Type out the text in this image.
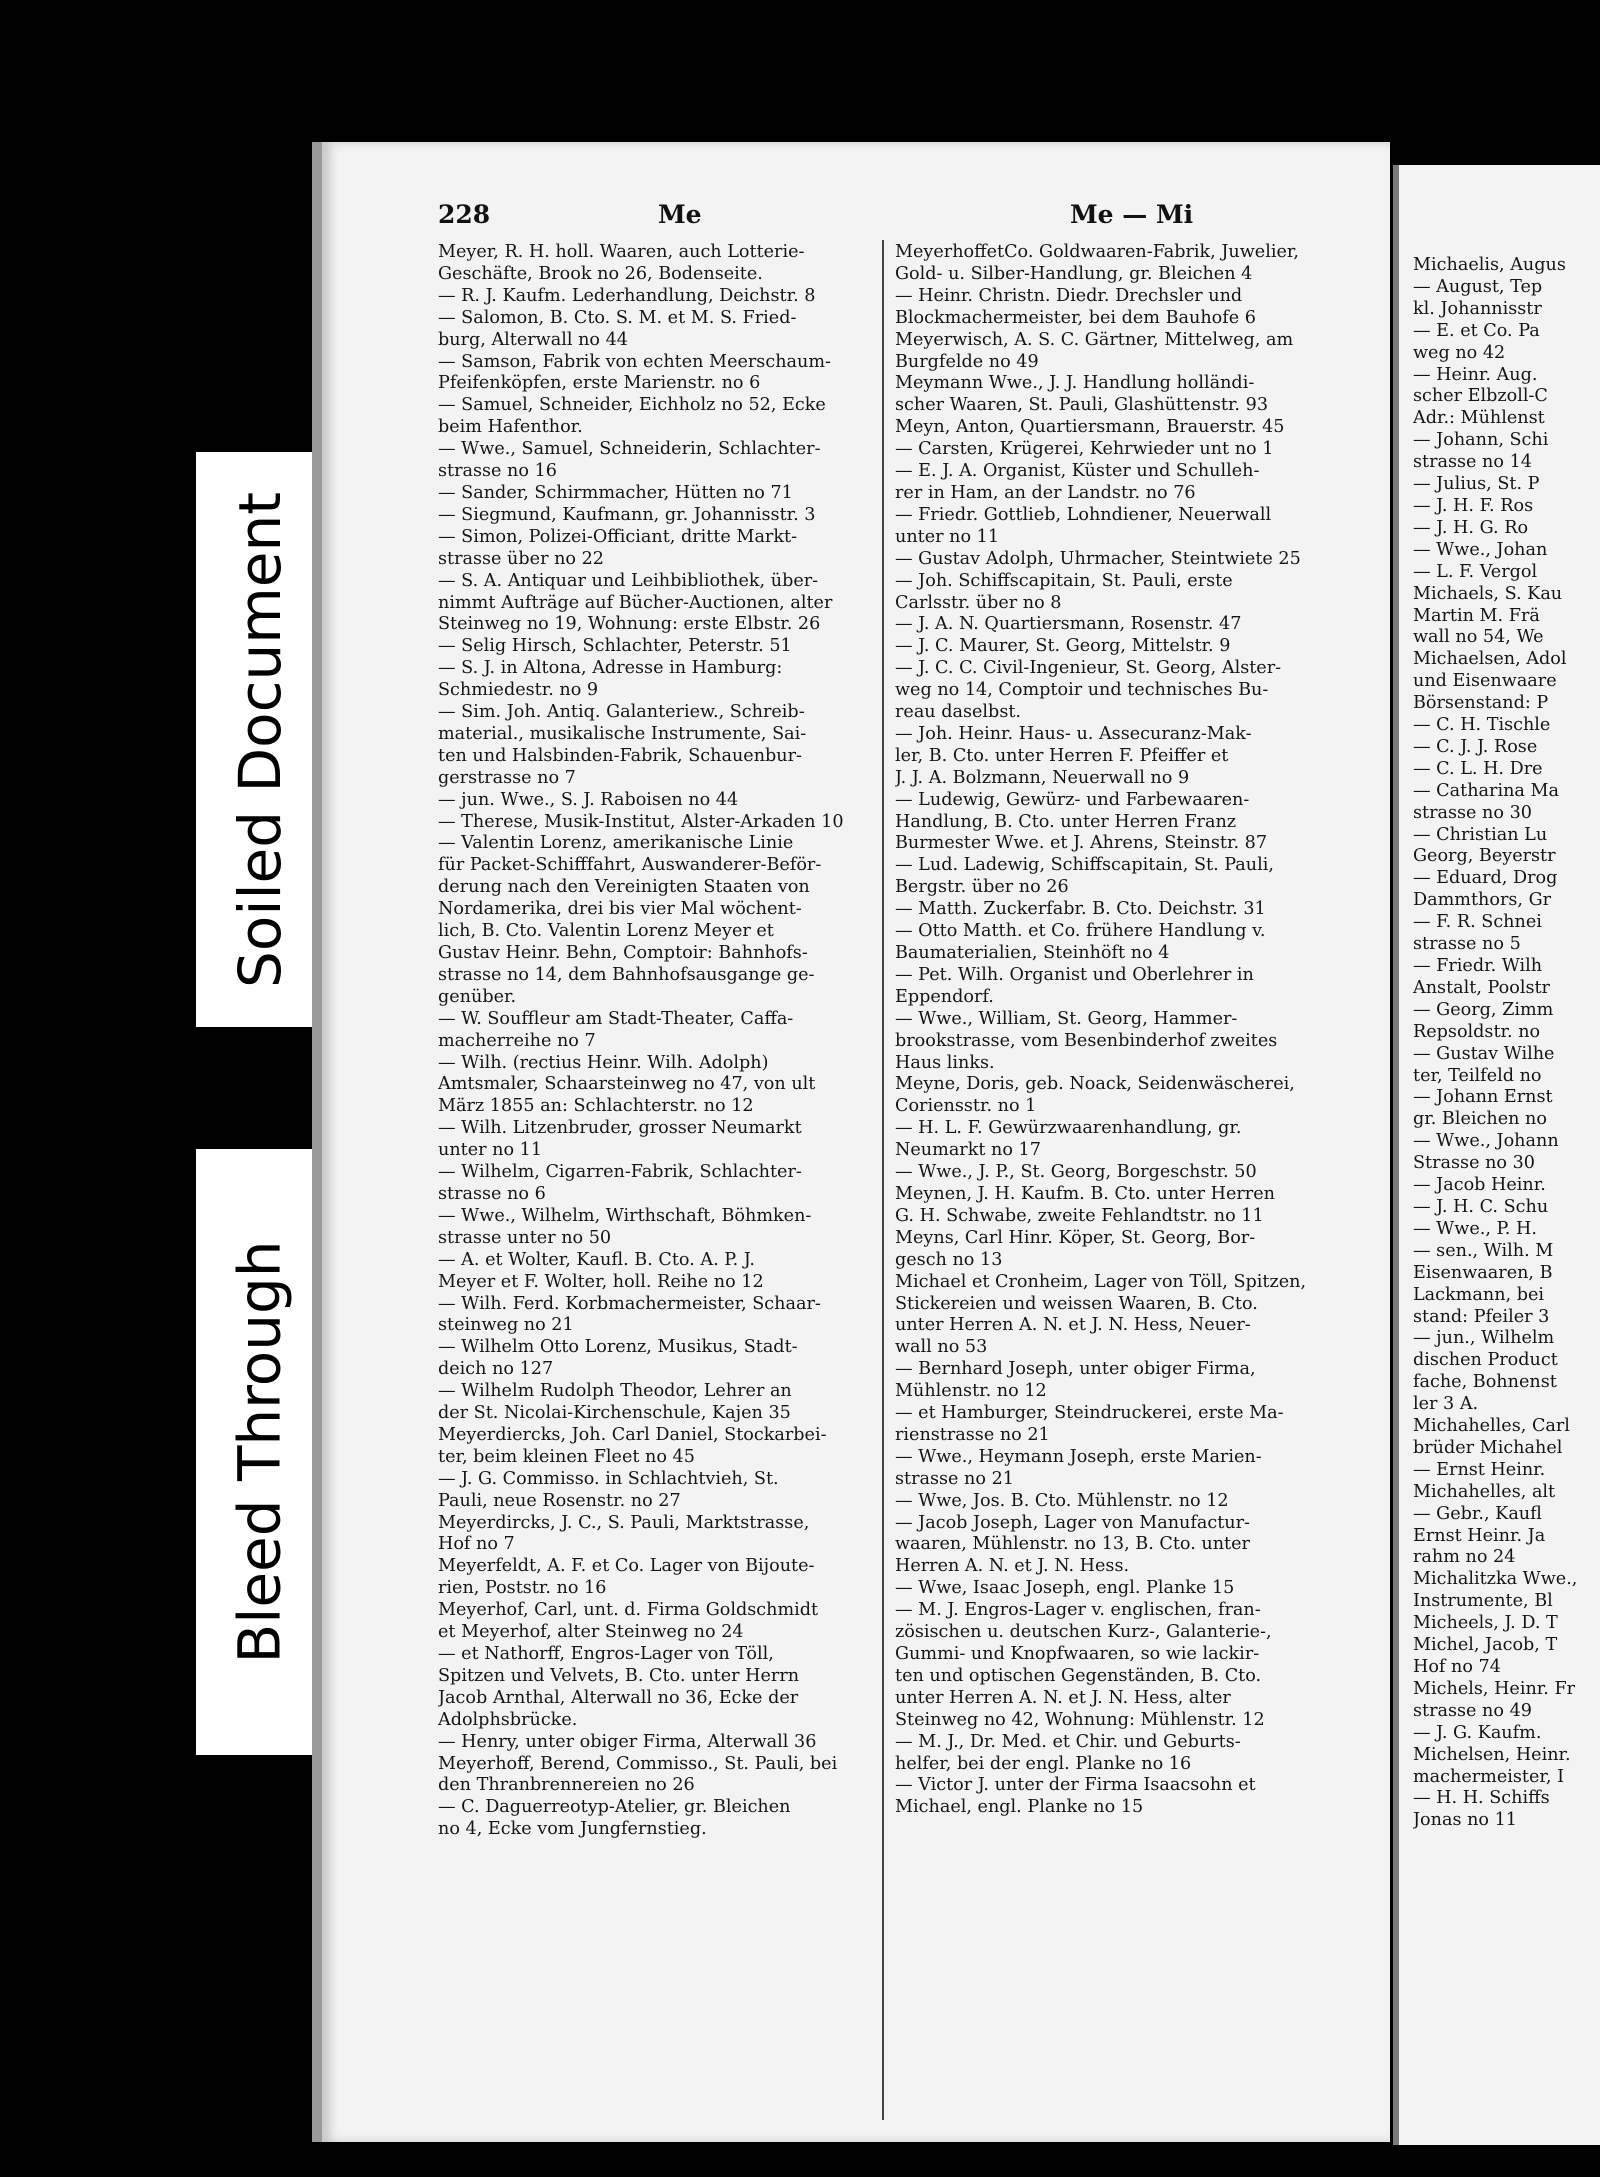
Soiled Document
Bleed Through
228	Me	Me — Mi
Meyer, R. H. holl. Waaren, auch Lotterie-
Geschäfte, Brook no 26, Bodenseite.
— R. J. Kaufm. Lederhandlung, Deichstr. 8
— Salomon, B. Cto. S. M. et M. S. Fried-
burg, Alterwall no 44
— Samson, Fabrik von echten Meerschaum-
Pfeifenköpfen, erste Marienstr. no 6
— Samuel, Schneider, Eichholz no 52, Ecke
beim Hafenthor.
— Wwe., Samuel, Schneiderin, Schlachter-
strasse no 16
— Sander, Schirmmacher, Hütten no 71
— Siegmund, Kaufmann, gr. Johannisstr. 3
— Simon, Polizei-Officiant, dritte Markt-
strasse über no 22
— S. A. Antiquar und Leihbibliothek, über-
nimmt Aufträge auf Bücher-Auctionen, alter
Steinweg no 19, Wohnung: erste Elbstr. 26
— Selig Hirsch, Schlachter, Peterstr. 51
— S. J. in Altona, Adresse in Hamburg:
Schmiedestr. no 9
— Sim. Joh. Antiq. Galanteriew., Schreib-
material., musikalische Instrumente, Sai-
ten und Halsbinden-Fabrik, Schauenbur-
gerstrasse no 7
— jun. Wwe., S. J. Raboisen no 44
— Therese, Musik-Institut, Alster-Arkaden 10
— Valentin Lorenz, amerikanische Linie
für Packet-Schifffahrt, Auswanderer-Beför-
derung nach den Vereinigten Staaten von
Nordamerika, drei bis vier Mal wöchent-
lich, B. Cto. Valentin Lorenz Meyer et
Gustav Heinr. Behn, Comptoir: Bahnhofs-
strasse no 14, dem Bahnhofsausgange ge-
genüber.
— W. Souffleur am Stadt-Theater, Caffa-
macherreihe no 7
— Wilh. (rectius Heinr. Wilh. Adolph)
Amtsmaler, Schaarsteinweg no 47, von ult
März 1855 an: Schlachterstr. no 12
— Wilh. Litzenbruder, grosser Neumarkt
unter no 11
— Wilhelm, Cigarren-Fabrik, Schlachter-
strasse no 6
— Wwe., Wilhelm, Wirthschaft, Böhmken-
strasse unter no 50
— A. et Wolter, Kaufl. B. Cto. A. P. J.
Meyer et F. Wolter, holl. Reihe no 12
— Wilh. Ferd. Korbmachermeister, Schaar-
steinweg no 21
— Wilhelm Otto Lorenz, Musikus, Stadt-
deich no 127
— Wilhelm Rudolph Theodor, Lehrer an
der St. Nicolai-Kirchenschule, Kajen 35
Meyerdiercks, Joh. Carl Daniel, Stockarbei-
ter, beim kleinen Fleet no 45
— J. G. Commisso. in Schlachtvieh, St.
Pauli, neue Rosenstr. no 27
Meyerdircks, J. C., S. Pauli, Marktstrasse,
Hof no 7
Meyerfeldt, A. F. et Co. Lager von Bijoute-
rien, Poststr. no 16
Meyerhof, Carl, unt. d. Firma Goldschmidt
et Meyerhof, alter Steinweg no 24
— et Nathorff, Engros-Lager von Töll,
Spitzen und Velvets, B. Cto. unter Herrn
Jacob Arnthal, Alterwall no 36, Ecke der
Adolphsbrücke.
— Henry, unter obiger Firma, Alterwall 36
Meyerhoff, Berend, Commisso., St. Pauli, bei
den Thranbrennereien no 26
— C. Daguerreotyp-Atelier, gr. Bleichen
no 4, Ecke vom Jungfernstieg.
MeyerhoffetCo. Goldwaaren-Fabrik, Juwelier,
Gold- u. Silber-Handlung, gr. Bleichen 4
— Heinr. Christn. Diedr. Drechsler und
Blockmachermeister, bei dem Bauhofe 6
Meyerwisch, A. S. C. Gärtner, Mittelweg, am
Burgfelde no 49
Meymann Wwe., J. J. Handlung holländi-
scher Waaren, St. Pauli, Glashüttenstr. 93
Meyn, Anton, Quartiersmann, Brauerstr. 45
— Carsten, Krügerei, Kehrwieder unt no 1
— E. J. A. Organist, Küster und Schulleh-
rer in Ham, an der Landstr. no 76
— Friedr. Gottlieb, Lohndiener, Neuerwall
unter no 11
— Gustav Adolph, Uhrmacher, Steintwiete 25
— Joh. Schiffscapitain, St. Pauli, erste
Carlsstr. über no 8
— J. A. N. Quartiersmann, Rosenstr. 47
— J. C. Maurer, St. Georg, Mittelstr. 9
— J. C. C. Civil-Ingenieur, St. Georg, Alster-
weg no 14, Comptoir und technisches Bu-
reau daselbst.
— Joh. Heinr. Haus- u. Assecuranz-Mak-
ler, B. Cto. unter Herren F. Pfeiffer et
J. J. A. Bolzmann, Neuerwall no 9
— Ludewig, Gewürz- und Farbewaaren-
Handlung, B. Cto. unter Herren Franz
Burmester Wwe. et J. Ahrens, Steinstr. 87
— Lud. Ladewig, Schiffscapitain, St. Pauli,
Bergstr. über no 26
— Matth. Zuckerfabr. B. Cto. Deichstr. 31
— Otto Matth. et Co. frühere Handlung v.
Baumaterialien, Steinhöft no 4
— Pet. Wilh. Organist und Oberlehrer in
Eppendorf.
— Wwe., William, St. Georg, Hammer-
brookstrasse, vom Besenbinderhof zweites
Haus links.
Meyne, Doris, geb. Noack, Seidenwäscherei,
Coriensstr. no 1
— H. L. F. Gewürzwaarenhandlung, gr.
Neumarkt no 17
— Wwe., J. P., St. Georg, Borgeschstr. 50
Meynen, J. H. Kaufm. B. Cto. unter Herren
G. H. Schwabe, zweite Fehlandtstr. no 11
Meyns, Carl Hinr. Köper, St. Georg, Bor-
gesch no 13
Michael et Cronheim, Lager von Töll, Spitzen,
Stickereien und weissen Waaren, B. Cto.
unter Herren A. N. et J. N. Hess, Neuer-
wall no 53
— Bernhard Joseph, unter obiger Firma,
Mühlenstr. no 12
— et Hamburger, Steindruckerei, erste Ma-
rienstrasse no 21
— Wwe., Heymann Joseph, erste Marien-
strasse no 21
— Wwe, Jos. B. Cto. Mühlenstr. no 12
— Jacob Joseph, Lager von Manufactur-
waaren, Mühlenstr. no 13, B. Cto. unter
Herren A. N. et J. N. Hess.
— Wwe, Isaac Joseph, engl. Planke 15
— M. J. Engros-Lager v. englischen, fran-
zösischen u. deutschen Kurz-, Galanterie-,
Gummi- und Knopfwaaren, so wie lackir-
ten und optischen Gegenständen, B. Cto.
unter Herren A. N. et J. N. Hess, alter
Steinweg no 42, Wohnung: Mühlenstr. 12
— M. J., Dr. Med. et Chir. und Geburts-
helfer, bei der engl. Planke no 16
— Victor J. unter der Firma Isaacsohn et
Michael, engl. Planke no 15
Michaelis, Augus
— August, Tep
kl. Johannisstr
— E. et Co. Pa
weg no 42
— Heinr. Aug.
scher Elbzoll-C
Adr.: Mühlenst
— Johann, Schi
strasse no 14
— Julius, St. P
— J. H. F. Ros
— J. H. G. Ro
— Wwe., Johan
— L. F. Vergol
Michaels, S. Kau
Martin M. Frä
wall no 54, We
Michaelsen, Adol
und Eisenwaare
Börsenstand: P
— C. H. Tischle
— C. J. J. Rose
— C. L. H. Dre
— Catharina Ma
strasse no 30
— Christian Lu
Georg, Beyerstr
— Eduard, Drog
Dammthors, Gr
— F. R. Schnei
strasse no 5
— Friedr. Wilh
Anstalt, Poolstr
— Georg, Zimm
Repsoldstr. no
— Gustav Wilhe
ter, Teilfeld no
— Johann Ernst
gr. Bleichen no
— Wwe., Johann
Strasse no 30
— Jacob Heinr.
— J. H. C. Schu
— Wwe., P. H.
— sen., Wilh. M
Eisenwaaren, B
Lackmann, bei
stand: Pfeiler 3
— jun., Wilhelm
dischen Product
fache, Bohnenst
ler 3 A.
Michahelles, Carl
brüder Michahel
— Ernst Heinr.
Michahelles, alt
— Gebr., Kaufl
Ernst Heinr. Ja
rahm no 24
Michalitzka Wwe.,
Instrumente, Bl
Micheels, J. D. T
Michel, Jacob, T
Hof no 74
Michels, Heinr. Fr
strasse no 49
— J. G. Kaufm.
Michelsen, Heinr.
machermeister, I
— H. H. Schiffs
Jonas no 11
